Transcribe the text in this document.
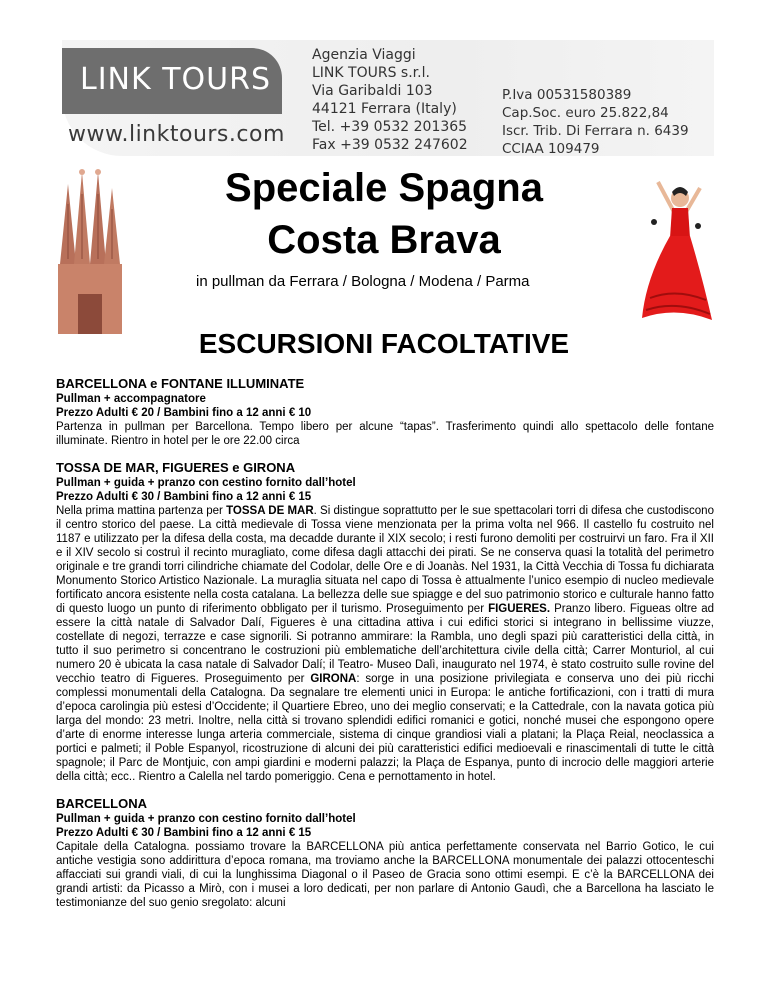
LINK TOURS
www.linktours.com
Agenzia Viaggi
LINK TOURS s.r.l.
Via Garibaldi 103
44121 Ferrara (Italy)
Tel. +39 0532 201365
Fax +39 0532 247602
P.Iva 00531580389
Cap.Soc. euro 25.822,84
Iscr. Trib. Di Ferrara n. 6439
CCIAA 109479
Speciale Spagna
Costa Brava
in pullman da Ferrara / Bologna / Modena / Parma
ESCURSIONI FACOLTATIVE

BARCELLONA e FONTANE ILLUMINATE

Pullman + accompagnatore

Prezzo Adulti € 20 / Bambini fino a 12 anni € 10

Partenza in pullman per Barcellona. Tempo libero per alcune “tapas”. Trasferimento quindi allo spettacolo delle fontane illuminate. Rientro in hotel per le ore 22.00 circa

TOSSA DE MAR, FIGUERES e GIRONA

Pullman + guida + pranzo con cestino fornito dall’hotel

Prezzo Adulti € 30 / Bambini fino a 12 anni € 15

Nella prima mattina partenza per TOSSA DE MAR. Si distingue soprattutto per le sue spettacolari torri di difesa che custodiscono il centro storico del paese. La città medievale di Tossa viene menzionata per la prima volta nel 966. Il castello fu costruito nel 1187 e utilizzato per la difesa della costa, ma decadde durante il XIX secolo; i resti furono demoliti per costruirvi un faro. Fra il XII e il XIV secolo si costruì il recinto muragliato, come difesa dagli attacchi dei pirati. Se ne conserva quasi la totalità del perimetro originale e tre grandi torri cilindriche chiamate del Codolar, delle Ore e di Joanàs. Nel 1931, la Città Vecchia di Tossa fu dichiarata Monumento Storico Artistico Nazionale. La muraglia situata nel capo di Tossa è attualmente l’unico esempio di nucleo medievale fortificato ancora esistente nella costa catalana. La bellezza delle sue spiagge e del suo patrimonio storico e culturale hanno fatto di questo luogo un punto di riferimento obbligato per il turismo. Proseguimento per FIGUERES. Pranzo libero. Figueas oltre ad essere la città natale di Salvador Dalí, Figueres è una cittadina attiva i cui edifici storici si integrano in bellissime viuzze, costellate di negozi, terrazze e case signorili. Si potranno ammirare: la Rambla, uno degli spazi più caratteristici della città, in tutto il suo perimetro si concentrano le costruzioni più emblematiche dell’architettura civile della città; Carrer Monturiol, al cui numero 20 è ubicata la casa natale di Salvador Dalí; il Teatro- Museo Dalì, inaugurato nel 1974, è stato costruito sulle rovine del vecchio teatro di Figueres. Proseguimento per GIRONA: sorge in una posizione privilegiata e conserva uno dei più ricchi complessi monumentali della Catalogna. Da segnalare tre elementi unici in Europa: le antiche fortificazioni, con i tratti di mura d’epoca carolingia più estesi d’Occidente; il Quartiere Ebreo, uno dei meglio conservati; e la Cattedrale, con la navata gotica più larga del mondo: 23 metri. Inoltre, nella città si trovano splendidi edifici romanici e gotici, nonché musei che espongono opere d’arte di enorme interesse lunga arteria commerciale, sistema di cinque grandiosi viali a platani; la Plaça Reial, neoclassica a portici e palmeti; il Poble Espanyol, ricostruzione di alcuni dei più caratteristici edifici medioevali e rinascimentali di tutte le città spagnole; il Parc de Montjuic, con ampi giardini e moderni palazzi; la Plaça de Espanya, punto di incrocio delle maggiori arterie della città; ecc.. Rientro a Calella nel tardo pomeriggio. Cena e pernottamento in hotel.

BARCELLONA

Pullman + guida + pranzo con cestino fornito dall’hotel

Prezzo Adulti € 30 / Bambini fino a 12 anni € 15

Capitale della Catalogna. possiamo trovare la BARCELLONA più antica perfettamente conservata nel Barrio Gotico, le cui antiche vestigia sono addirittura d’epoca romana, ma troviamo anche la BARCELLONA monumentale dei palazzi ottocenteschi affacciati sui grandi viali, di cui la lunghissima Diagonal o il Paseo de Gracia sono ottimi esempi. E c’è la BARCELLONA dei grandi artisti: da Picasso a Mirò, con i musei a loro dedicati, per non parlare di Antonio Gaudì, che a Barcellona ha lasciato le testimonianze del suo genio sregolato: alcuni
